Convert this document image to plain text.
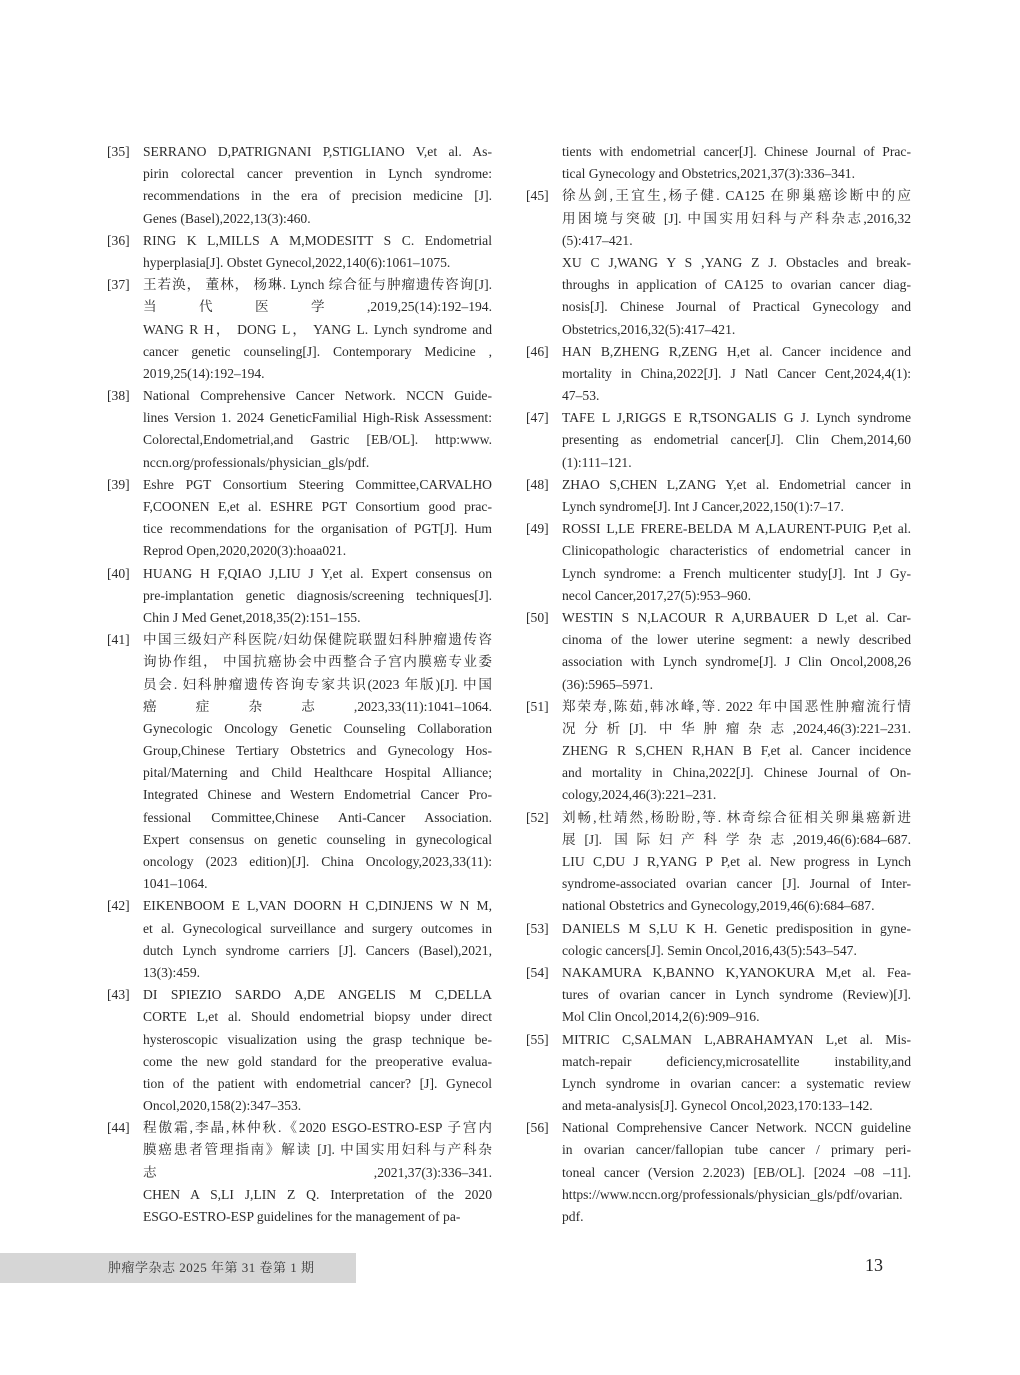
[35] SERRANO D,PATRIGNANI P,STIGLIANO V,et al. As-
pirin colorectal cancer prevention in Lynch syndrome:
recommendations in the era of precision medicine [J].
Genes (Basel),2022,13(3):460.
[36] RING K L,MILLS A M,MODESITT S C. Endometrial
hyperplasia[J]. Obstet Gynecol,2022,140(6):1061–1075.
[37] 王若涣， 董林， 杨琳. Lynch 综合征与肿瘤遗传咨询[J].
当代医学,2019,25(14):192–194.
WANG R H， DONG L， YANG L. Lynch syndrome and
cancer genetic counseling[J]. Contemporary Medicine ,
2019,25(14):192–194.
[38] National Comprehensive Cancer Network. NCCN Guide-
lines Version 1. 2024 GeneticFamilial High-Risk Assessment:
Colorectal,Endometrial,and Gastric [EB/OL]. http:www.
nccn.org/professionals/physician_gls/pdf.
[39] Eshre PGT Consortium Steering Committee,CARVALHO
F,COONEN E,et al. ESHRE PGT Consortium good prac-
tice recommendations for the organisation of PGT[J]. Hum
Reprod Open,2020,2020(3):hoaa021.
[40] HUANG H F,QIAO J,LIU J Y,et al. Expert consensus on
pre-implantation genetic diagnosis/screening techniques[J].
Chin J Med Genet,2018,35(2):151–155.
[41] 中国三级妇产科医院/妇幼保健院联盟妇科肿瘤遗传咨
询协作组， 中国抗癌协会中西整合子宫内膜癌专业委
员会. 妇科肿瘤遗传咨询专家共识(2023 年版)[J]. 中国
癌症杂志,2023,33(11):1041–1064.
Gynecologic Oncology Genetic Counseling Collaboration
Group,Chinese Tertiary Obstetrics and Gynecology Hos-
pital/Materning and Child Healthcare Hospital Alliance;
Integrated Chinese and Western Endometrial Cancer Pro-
fessional Committee,Chinese Anti-Cancer Association.
Expert consensus on genetic counseling in gynecological
oncology (2023 edition)[J]. China Oncology,2023,33(11):
1041–1064.
[42] EIKENBOOM E L,VAN DOORN H C,DINJENS W N M,
et al. Gynecological surveillance and surgery outcomes in
dutch Lynch syndrome carriers [J]. Cancers (Basel),2021,
13(3):459.
[43] DI SPIEZIO SARDO A,DE ANGELIS M C,DELLA
CORTE L,et al. Should endometrial biopsy under direct
hysteroscopic visualization using the grasp technique be-
come the new gold standard for the preoperative evalua-
tion of the patient with endometrial cancer? [J]. Gynecol
Oncol,2020,158(2):347–353.
[44] 程傲霜,李晶,林仲秋.《2020 ESGO-ESTRO-ESP 子宫内
膜癌患者管理指南》解读 [J]. 中国实用妇科与产科杂
志,2021,37(3):336–341.
CHEN A S,LI J,LIN Z Q. Interpretation of the 2020
ESGO-ESTRO-ESP guidelines for the management of pa-
tients with endometrial cancer[J]. Chinese Journal of Prac-
tical Gynecology and Obstetrics,2021,37(3):336–341.
[45] 徐丛剑,王宜生,杨子健. CA125 在卵巢癌诊断中的应
用困境与突破 [J]. 中国实用妇科与产科杂志,2016,32
(5):417–421.
XU C J,WANG Y S ,YANG Z J. Obstacles and break-
throughs in application of CA125 to ovarian cancer diag-
nosis[J]. Chinese Journal of Practical Gynecology and
Obstetrics,2016,32(5):417–421.
[46] HAN B,ZHENG R,ZENG H,et al. Cancer incidence and
mortality in China,2022[J]. J Natl Cancer Cent,2024,4(1):
47–53.
[47] TAFE L J,RIGGS E R,TSONGALIS G J. Lynch syndrome
presenting as endometrial cancer[J]. Clin Chem,2014,60
(1):111–121.
[48] ZHAO S,CHEN L,ZANG Y,et al. Endometrial cancer in
Lynch syndrome[J]. Int J Cancer,2022,150(1):7–17.
[49] ROSSI L,LE FRERE-BELDA M A,LAURENT-PUIG P,et al.
Clinicopathologic characteristics of endometrial cancer in
Lynch syndrome: a French multicenter study[J]. Int J Gy-
necol Cancer,2017,27(5):953–960.
[50] WESTIN S N,LACOUR R A,URBAUER D L,et al. Car-
cinoma of the lower uterine segment: a newly described
association with Lynch syndrome[J]. J Clin Oncol,2008,26
(36):5965–5971.
[51] 郑荣寿,陈茹,韩冰峰,等. 2022 年中国恶性肿瘤流行情
况分析[J]. 中华肿瘤杂志,2024,46(3):221–231.
ZHENG R S,CHEN R,HAN B F,et al. Cancer incidence
and mortality in China,2022[J]. Chinese Journal of On-
cology,2024,46(3):221–231.
[52] 刘畅,杜靖然,杨盼盼,等. 林奇综合征相关卵巢癌新进
展[J]. 国际妇产科学杂志,2019,46(6):684–687.
LIU C,DU J R,YANG P P,et al. New progress in Lynch
syndrome-associated ovarian cancer [J]. Journal of Inter-
national Obstetrics and Gynecology,2019,46(6):684–687.
[53] DANIELS M S,LU K H. Genetic predisposition in gyne-
cologic cancers[J]. Semin Oncol,2016,43(5):543–547.
[54] NAKAMURA K,BANNO K,YANOKURA M,et al. Fea-
tures of ovarian cancer in Lynch syndrome (Review)[J].
Mol Clin Oncol,2014,2(6):909–916.
[55] MITRIC C,SALMAN L,ABRAHAMYAN L,et al. Mis-
match-repair deficiency,microsatellite instability,and
Lynch syndrome in ovarian cancer: a systematic review
and meta-analysis[J]. Gynecol Oncol,2023,170:133–142.
[56] National Comprehensive Cancer Network. NCCN guideline
in ovarian cancer/fallopian tube cancer / primary peri-
toneal cancer (Version 2.2023) [EB/OL]. [2024 –08 –11].
https://www.nccn.org/professionals/physician_gls/pdf/ovarian.
pdf.
肿瘤学杂志 2025 年第 31 卷第 1 期	13
